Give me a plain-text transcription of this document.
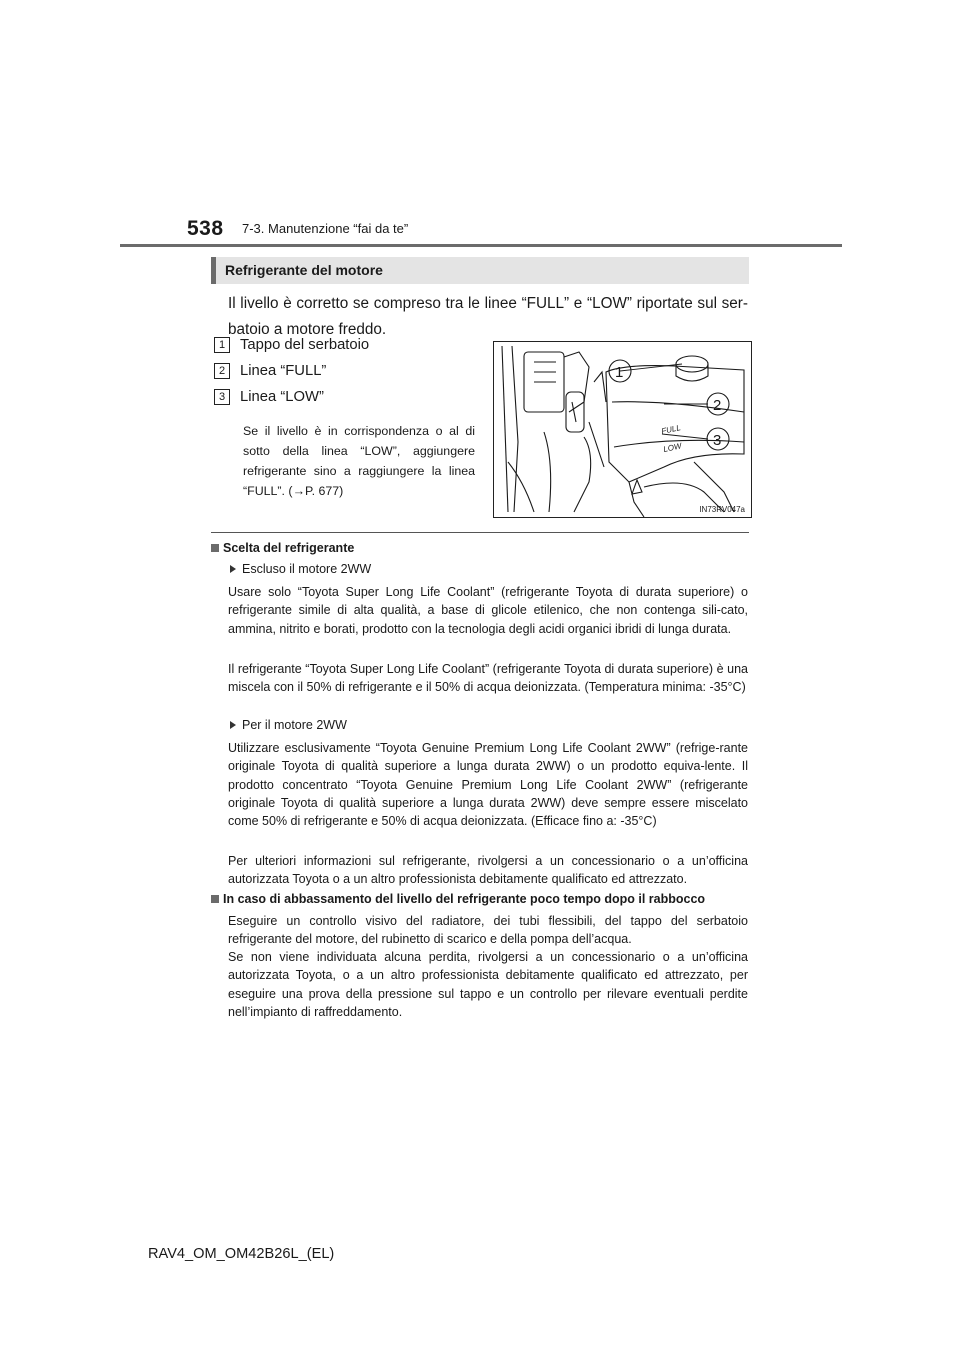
538 7-3. Manutenzione “fai da te”
Refrigerante del motore
Il livello è corretto se compreso tra le linee “FULL” e “LOW” riportate sul ser-batoio a motore freddo.
1 Tappo del serbatoio
2 Linea “FULL”
3 Linea “LOW”
Se il livello è in corrispondenza o al di sotto della linea “LOW”, aggiungere refrigerante sino a raggiungere la linea “FULL”. (→P. 677)
1
2
3
FULL
LOW
IN73RV047a
Scelta del refrigerante
Escluso il motore 2WW
Usare solo “Toyota Super Long Life Coolant” (refrigerante Toyota di durata superiore) o refrigerante simile di alta qualità, a base di glicole etilenico, che non contenga sili-cato, ammina, nitrito e borati, prodotto con la tecnologia degli acidi organici ibridi di lunga durata.
Il refrigerante “Toyota Super Long Life Coolant” (refrigerante Toyota di durata superiore) è una miscela con il 50% di refrigerante e il 50% di acqua deionizzata. (Temperatura minima: -35°C)
Per il motore 2WW
Utilizzare esclusivamente “Toyota Genuine Premium Long Life Coolant 2WW” (refrige-rante originale Toyota di qualità superiore a lunga durata 2WW) o un prodotto equiva-lente. Il prodotto concentrato “Toyota Genuine Premium Long Life Coolant 2WW” (refrigerante originale Toyota di qualità superiore a lunga durata 2WW) deve sempre essere miscelato come 50% di refrigerante e 50% di acqua deionizzata. (Efficace fino a: -35°C)
Per ulteriori informazioni sul refrigerante, rivolgersi a un concessionario o a un’officina autorizzata Toyota o a un altro professionista debitamente qualificato ed attrezzato.
In caso di abbassamento del livello del refrigerante poco tempo dopo il rabbocco
Eseguire un controllo visivo del radiatore, dei tubi flessibili, del tappo del serbatoio refrigerante del motore, del rubinetto di scarico e della pompa dell’acqua.
Se non viene individuata alcuna perdita, rivolgersi a un concessionario o a un’officina autorizzata Toyota, o a un altro professionista debitamente qualificato ed attrezzato, per eseguire una prova della pressione sul tappo e un controllo per rilevare eventuali perdite nell’impianto di raffreddamento.
RAV4_OM_OM42B26L_(EL)
